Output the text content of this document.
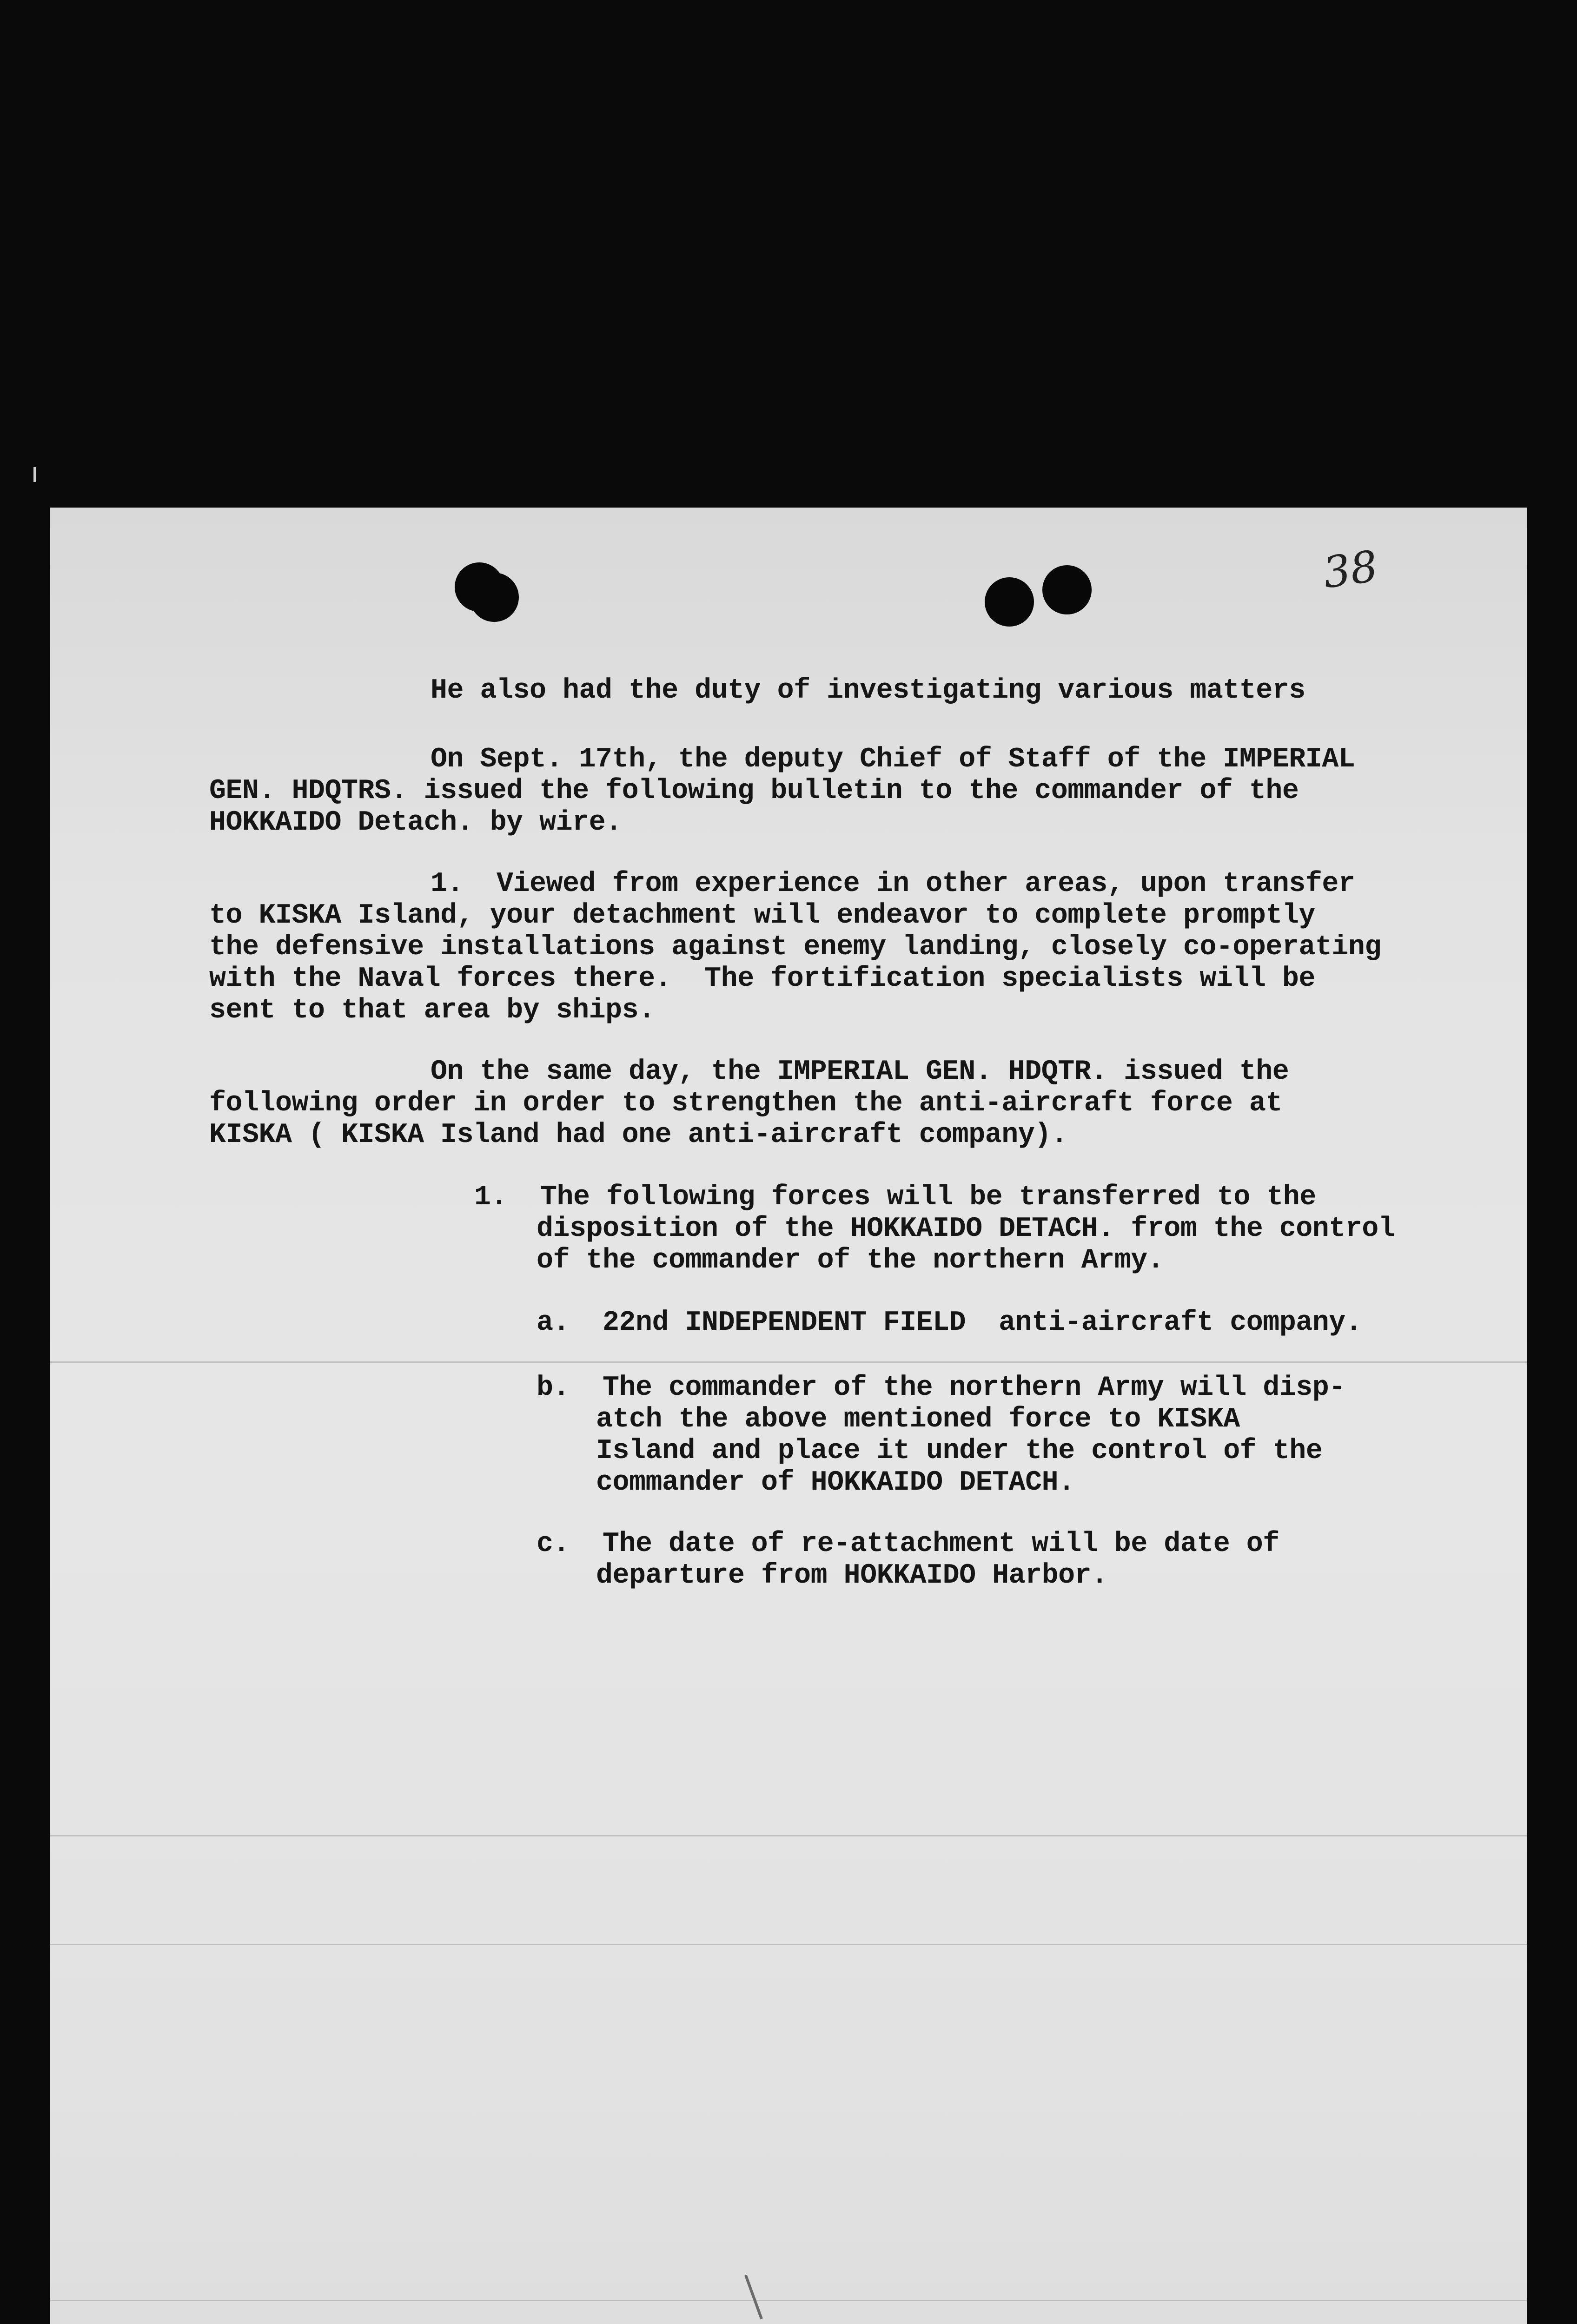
38

He also had the duty of investigating various matters

On Sept. 17th, the deputy Chief of Staff of the IMPERIAL

GEN. HDQTRS. issued the following bulletin to the commander of the

HOKKAIDO Detach. by wire.

1.  Viewed from experience in other areas, upon transfer

to KISKA Island, your detachment will endeavor to complete promptly

the defensive installations against enemy landing, closely co-operating

with the Naval forces there.  The fortification specialists will be

sent to that area by ships.

On the same day, the IMPERIAL GEN. HDQTR. issued the

following order in order to strengthen the anti-aircraft force at

KISKA ( KISKA Island had one anti-aircraft company).

1.  The following forces will be transferred to the

disposition of the HOKKAIDO DETACH. from the control

of the commander of the northern Army.

a.  22nd INDEPENDENT FIELD  anti-aircraft company.

b.  The commander of the northern Army will disp-

atch the above mentioned force to KISKA

Island and place it under the control of the

commander of HOKKAIDO DETACH.

c.  The date of re-attachment will be date of

departure from HOKKAIDO Harbor.
